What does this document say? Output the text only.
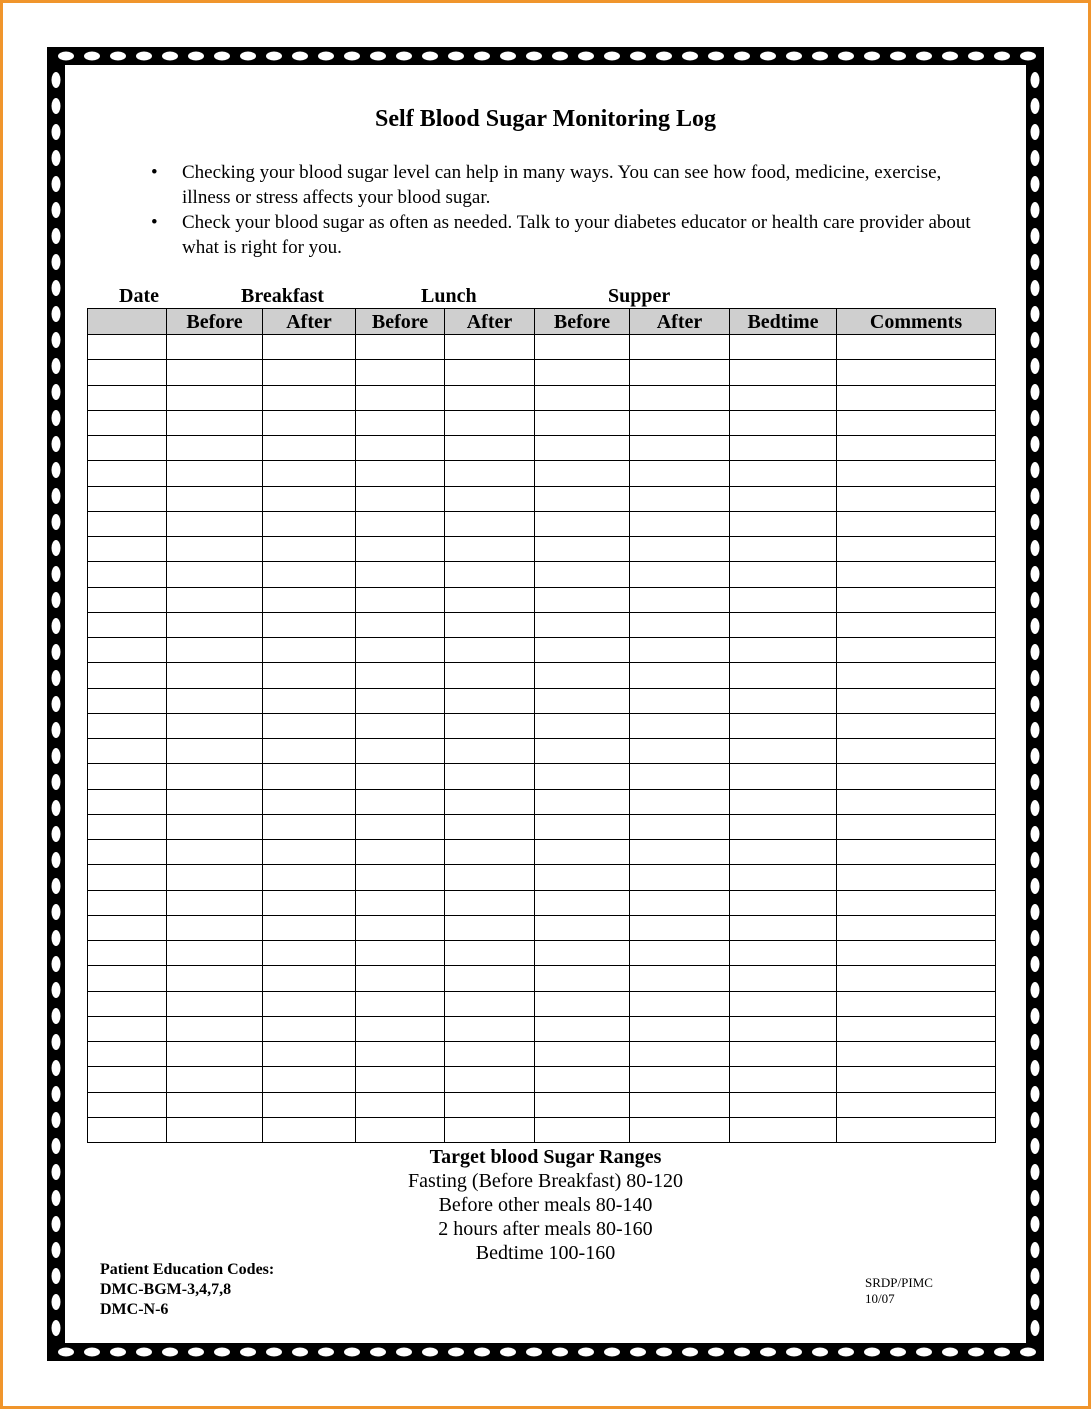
Self Blood Sugar Monitoring Log
• Checking your blood sugar level can help in many ways. You can see how food, medicine, exercise, illness or stress affects your blood sugar.
• Check your blood sugar as often as needed. Talk to your diabetes educator or health care provider about what is right for you.
Date	Breakfast	Lunch	Supper
	Before	After	Before	After	Before	After	Bedtime	Comments

Target blood Sugar Ranges
Fasting (Before Breakfast) 80-120
Before other meals 80-140
2 hours after meals 80-160
Bedtime 100-160
Patient Education Codes:
DMC-BGM-3,4,7,8
DMC-N-6
SRDP/PIMC
10/07
